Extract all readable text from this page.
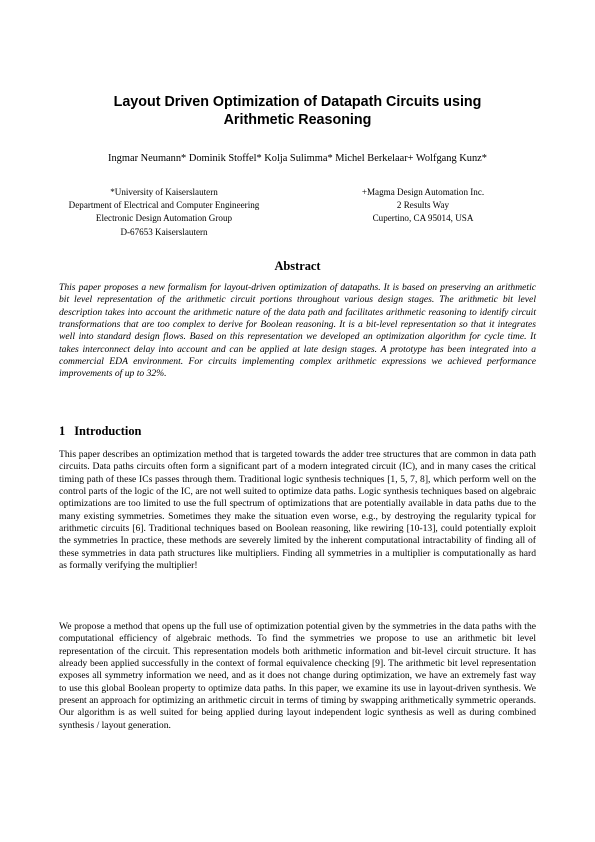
Layout Driven Optimization of Datapath Circuits using
Arithmetic Reasoning
Ingmar Neumann* Dominik Stoffel* Kolja Sulimma* Michel Berkelaar+ Wolfgang Kunz*
*University of Kaiserslautern
Department of Electrical and Computer Engineering
Electronic Design Automation Group
D-67653 Kaiserslautern
+Magma Design Automation Inc.
2 Results Way
Cupertino, CA 95014, USA
Abstract

This paper proposes a new formalism for layout-driven optimization of datapaths. It is based on preserving an arithmetic bit level representation of the arithmetic circuit portions throughout various design stages. The arithmetic bit level description takes into account the arithmetic nature of the data path and facilitates arithmetic reasoning to identify circuit transformations that are too complex to derive for Boolean reasoning. It is a bit-level representation so that it integrates well into standard design flows. Based on this representation we developed an optimization algorithm for cycle time. It takes interconnect delay into account and can be applied at late design stages. A prototype has been integrated into a commercial EDA environment. For circuits implementing complex arithmetic expressions we achieved performance improvements of up to 32%.

1 Introduction

This paper describes an optimization method that is targeted towards the adder tree structures that are common in data path circuits. Data paths circuits often form a significant part of a modern integrated circuit (IC), and in many cases the critical timing path of these ICs passes through them. Traditional logic synthesis techniques [1, 5, 7, 8], which perform well on the control parts of the logic of the IC, are not well suited to optimize data paths. Logic synthesis techniques based on algebraic optimizations are too limited to use the full spectrum of optimizations that are potentially available in data paths due to the many existing symmetries. Sometimes they make the situation even worse, e.g., by destroying the regularity typical for arithmetic circuits [6]. Traditional techniques based on Boolean reasoning, like rewiring [10-13], could potentially exploit the symmetries In practice, these methods are severely limited by the inherent computational intractability of finding all of these symmetries in data path structures like multipliers. Finding all symmetries in a multiplier is computationally as hard as formally verifying the multiplier!

We propose a method that opens up the full use of optimization potential given by the symmetries in the data paths with the computational efficiency of algebraic methods. To find the symmetries we propose to use an arithmetic bit level representation of the circuit. This representation models both arithmetic information and bit-level circuit structure. It has already been applied successfully in the context of formal equivalence checking [9]. The arithmetic bit level representation exposes all symmetry information we need, and as it does not change during optimization, we have an extremely fast way to use this global Boolean property to optimize data paths. In this paper, we examine its use in layout-driven synthesis. We present an approach for optimizing an arithmetic circuit in terms of timing by swapping arithmetically symmetric operands. Our algorithm is as well suited for being applied during layout independent logic synthesis as well as during combined synthesis / layout generation.
